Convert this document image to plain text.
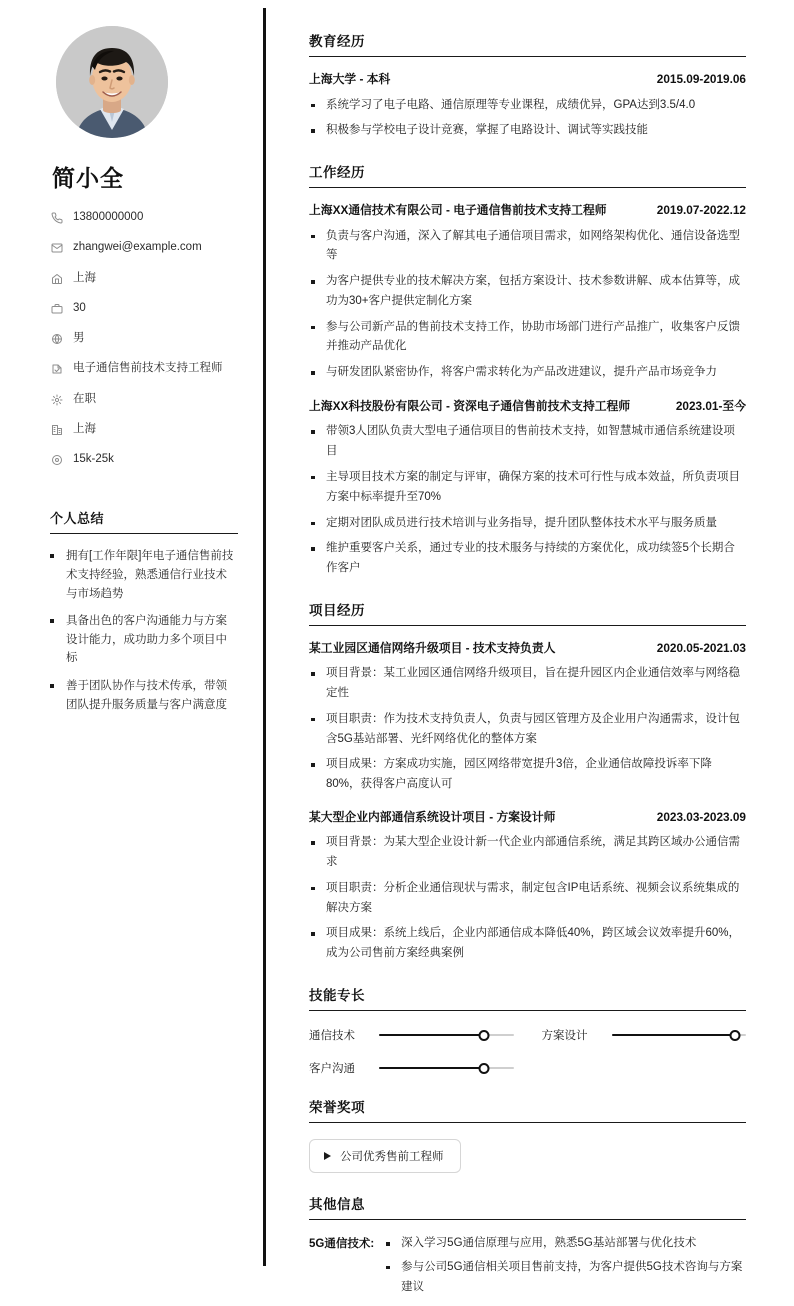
简小全
13800000000
zhangwei@example.com
上海
30
男
电子通信售前技术支持工程师
在职
上海
15k-25k
个人总结
拥有[工作年限]年电子通信售前技术支持经验，熟悉通信行业技术与市场趋势
具备出色的客户沟通能力与方案设计能力，成功助力多个项目中标
善于团队协作与技术传承，带领团队提升服务质量与客户满意度
教育经历
上海大学 - 本科	2015.09-2019.06
系统学习了电子电路、通信原理等专业课程，成绩优异，GPA达到3.5/4.0
积极参与学校电子设计竞赛，掌握了电路设计、调试等实践技能
工作经历
上海XX通信技术有限公司 - 电子通信售前技术支持工程师	2019.07-2022.12
负责与客户沟通，深入了解其电子通信项目需求，如网络架构优化、通信设备选型等
为客户提供专业的技术解决方案，包括方案设计、技术参数讲解、成本估算等，成功为30+客户提供定制化方案
参与公司新产品的售前技术支持工作，协助市场部门进行产品推广，收集客户反馈并推动产品优化
与研发团队紧密协作，将客户需求转化为产品改进建议，提升产品市场竞争力
上海XX科技股份有限公司 - 资深电子通信售前技术支持工程师	2023.01-至今
带领3人团队负责大型电子通信项目的售前技术支持，如智慧城市通信系统建设项目
主导项目技术方案的制定与评审，确保方案的技术可行性与成本效益，所负责项目方案中标率提升至70%
定期对团队成员进行技术培训与业务指导，提升团队整体技术水平与服务质量
维护重要客户关系，通过专业的技术服务与持续的方案优化，成功续签5个长期合作客户
项目经历
某工业园区通信网络升级项目 - 技术支持负责人	2020.05-2021.03
项目背景：某工业园区通信网络升级项目，旨在提升园区内企业通信效率与网络稳定性
项目职责：作为技术支持负责人，负责与园区管理方及企业用户沟通需求，设计包含5G基站部署、光纤网络优化的整体方案
项目成果：方案成功实施，园区网络带宽提升3倍，企业通信故障投诉率下降80%，获得客户高度认可
某大型企业内部通信系统设计项目 - 方案设计师	2023.03-2023.09
项目背景：为某大型企业设计新一代企业内部通信系统，满足其跨区域办公通信需求
项目职责：分析企业通信现状与需求，制定包含IP电话系统、视频会议系统集成的解决方案
项目成果：系统上线后，企业内部通信成本降低40%，跨区域会议效率提升60%，成为公司售前方案经典案例
技能专长
通信技术	方案设计
客户沟通
荣誉奖项
公司优秀售前工程师
其他信息
5G通信技术:	深入学习5G通信原理与应用，熟悉5G基站部署与优化技术
参与公司5G通信相关项目售前支持，为客户提供5G技术咨询与方案建议
